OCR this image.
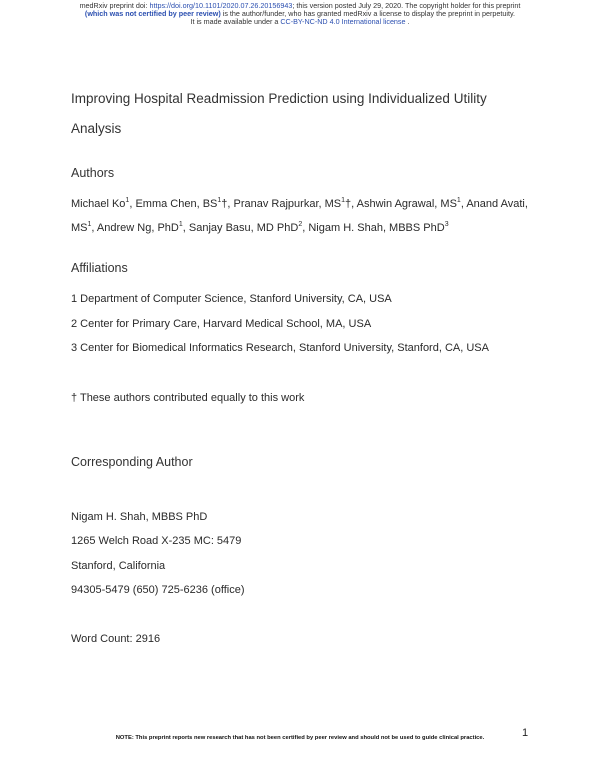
medRxiv preprint doi: https://doi.org/10.1101/2020.07.26.20156943; this version posted July 29, 2020. The copyright holder for this preprint
(which was not certified by peer review) is the author/funder, who has granted medRxiv a license to display the preprint in perpetuity.
It is made available under a CC-BY-NC-ND 4.0 International license .
Improving Hospital Readmission Prediction using Individualized Utility
Analysis
Authors
Michael Ko$^1$, Emma Chen, $BS^1\dagger$, Pranav Rajpurkar, $MS^1\dagger$, Ashwin Agrawal, $MS^1$, Anand Avati,
$MS^1$, Andrew Ng, PhD$^1$, Sanjay Basu, MD PhD$^2$, Nigam H. Shah, MBBS PhD$^3$
Affiliations
1 Department of Computer Science, Stanford University, CA, USA
2 Center for Primary Care, Harvard Medical School, MA, USA
3 Center for Biomedical Informatics Research, Stanford University, Stanford, CA, USA
† These authors contributed equally to this work
Corresponding Author
Nigam H. Shah, MBBS PhD
1265 Welch Road X-235 MC: 5479
Stanford, California
94305-5479 (650) 725-6236 (office)
Word Count: 2916
1
NOTE: This preprint reports new research that has not been certified by peer review and should not be used to guide clinical practice.
